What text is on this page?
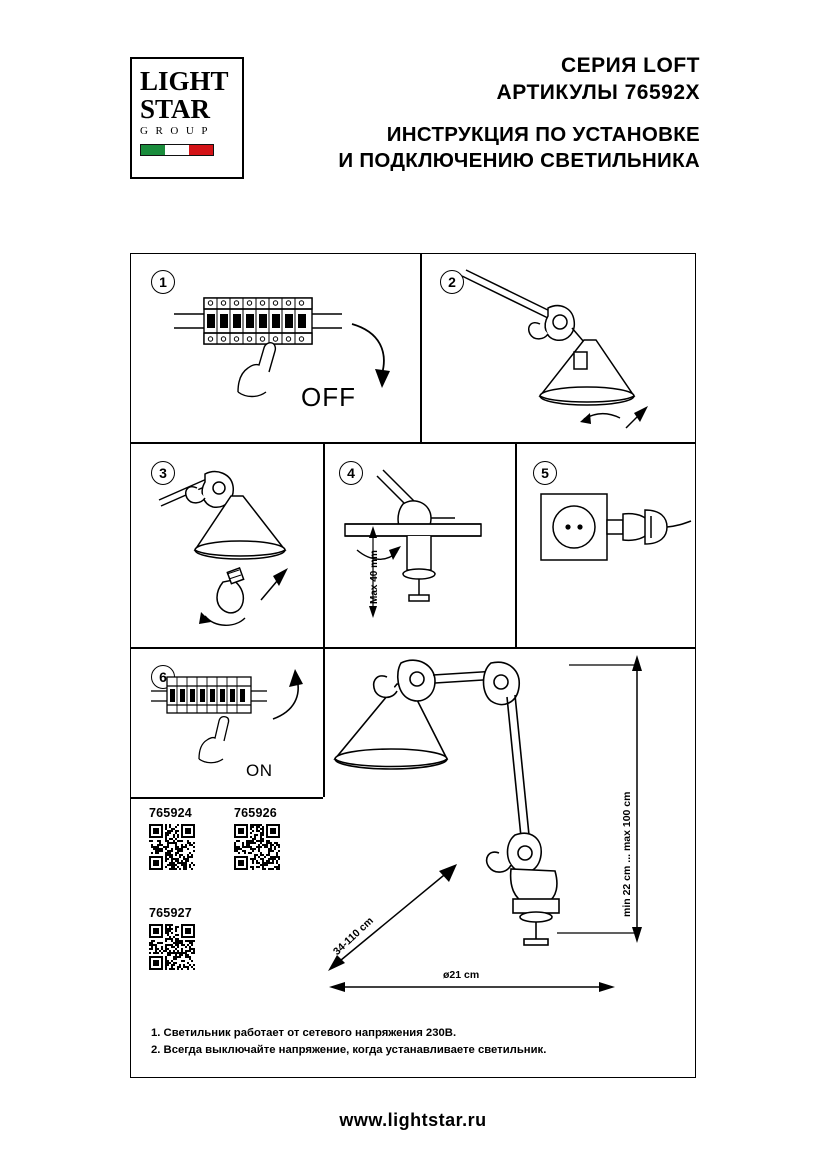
LIGHT
STAR
G R O U P
СЕРИЯ LOFT
АРТИКУЛЫ 76592X
ИНСТРУКЦИЯ ПО УСТАНОВКЕ
И ПОДКЛЮЧЕНИЮ СВЕТИЛЬНИКА
1
OFF
2
3	4
Max 40 mm
5
6
ON
min 22 cm ... max 100 cm
34-110 cm
ø21 cm
765924	765926
765927
1. Светильник работает от сетевого напряжения 230В.
2. Всегда выключайте напряжение, когда устанавливаете светильник.
www.lightstar.ru
